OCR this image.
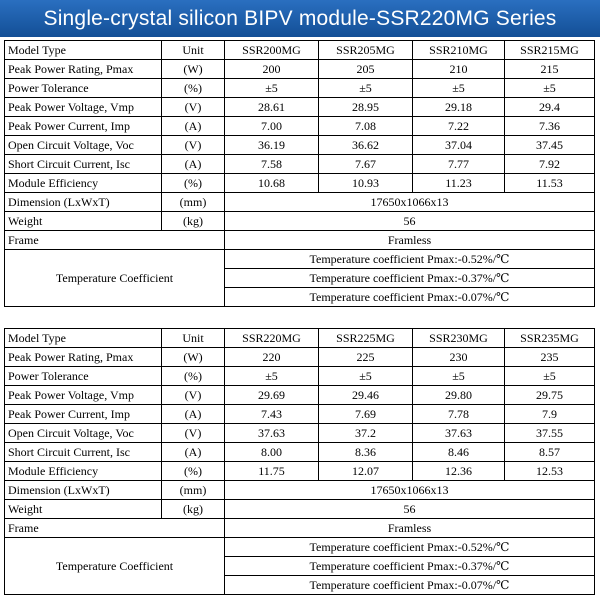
Single-crystal silicon BIPV module-SSR220MG Series
Model Type	Unit	SSR200MG	SSR205MG	SSR210MG	SSR215MG
Peak Power Rating, Pmax	(W)	200	205	210	215
Power Tolerance	(%)	±5	±5	±5	±5
Peak Power Voltage, Vmp	(V)	28.61	28.95	29.18	29.4
Peak Power Current, Imp	(A)	7.00	7.08	7.22	7.36
Open Circuit Voltage, Voc	(V)	36.19	36.62	37.04	37.45
Short Circuit Current, Isc	(A)	7.58	7.67	7.77	7.92
Module Efficiency	(%)	10.68	10.93	11.23	11.53
Dimension (LxWxT)	(mm)	17650x1066x13			
Weight	(kg)	56			
Frame		Framless			
Temperature Coefficient		Temperature coefficient Pmax:-0.52%/℃			
		Temperature coefficient Pmax:-0.37%/℃			
		Temperature coefficient Pmax:-0.07%/℃			
Model Type	Unit	SSR220MG	SSR225MG	SSR230MG	SSR235MG
Peak Power Rating, Pmax	(W)	220	225	230	235
Power Tolerance	(%)	±5	±5	±5	±5
Peak Power Voltage, Vmp	(V)	29.69	29.46	29.80	29.75
Peak Power Current, Imp	(A)	7.43	7.69	7.78	7.9
Open Circuit Voltage, Voc	(V)	37.63	37.2	37.63	37.55
Short Circuit Current, Isc	(A)	8.00	8.36	8.46	8.57
Module Efficiency	(%)	11.75	12.07	12.36	12.53
Dimension (LxWxT)	(mm)	17650x1066x13			
Weight	(kg)	56			
Frame		Framless			
Temperature Coefficient		Temperature coefficient Pmax:-0.52%/℃			
		Temperature coefficient Pmax:-0.37%/℃			
		Temperature coefficient Pmax:-0.07%/℃			
